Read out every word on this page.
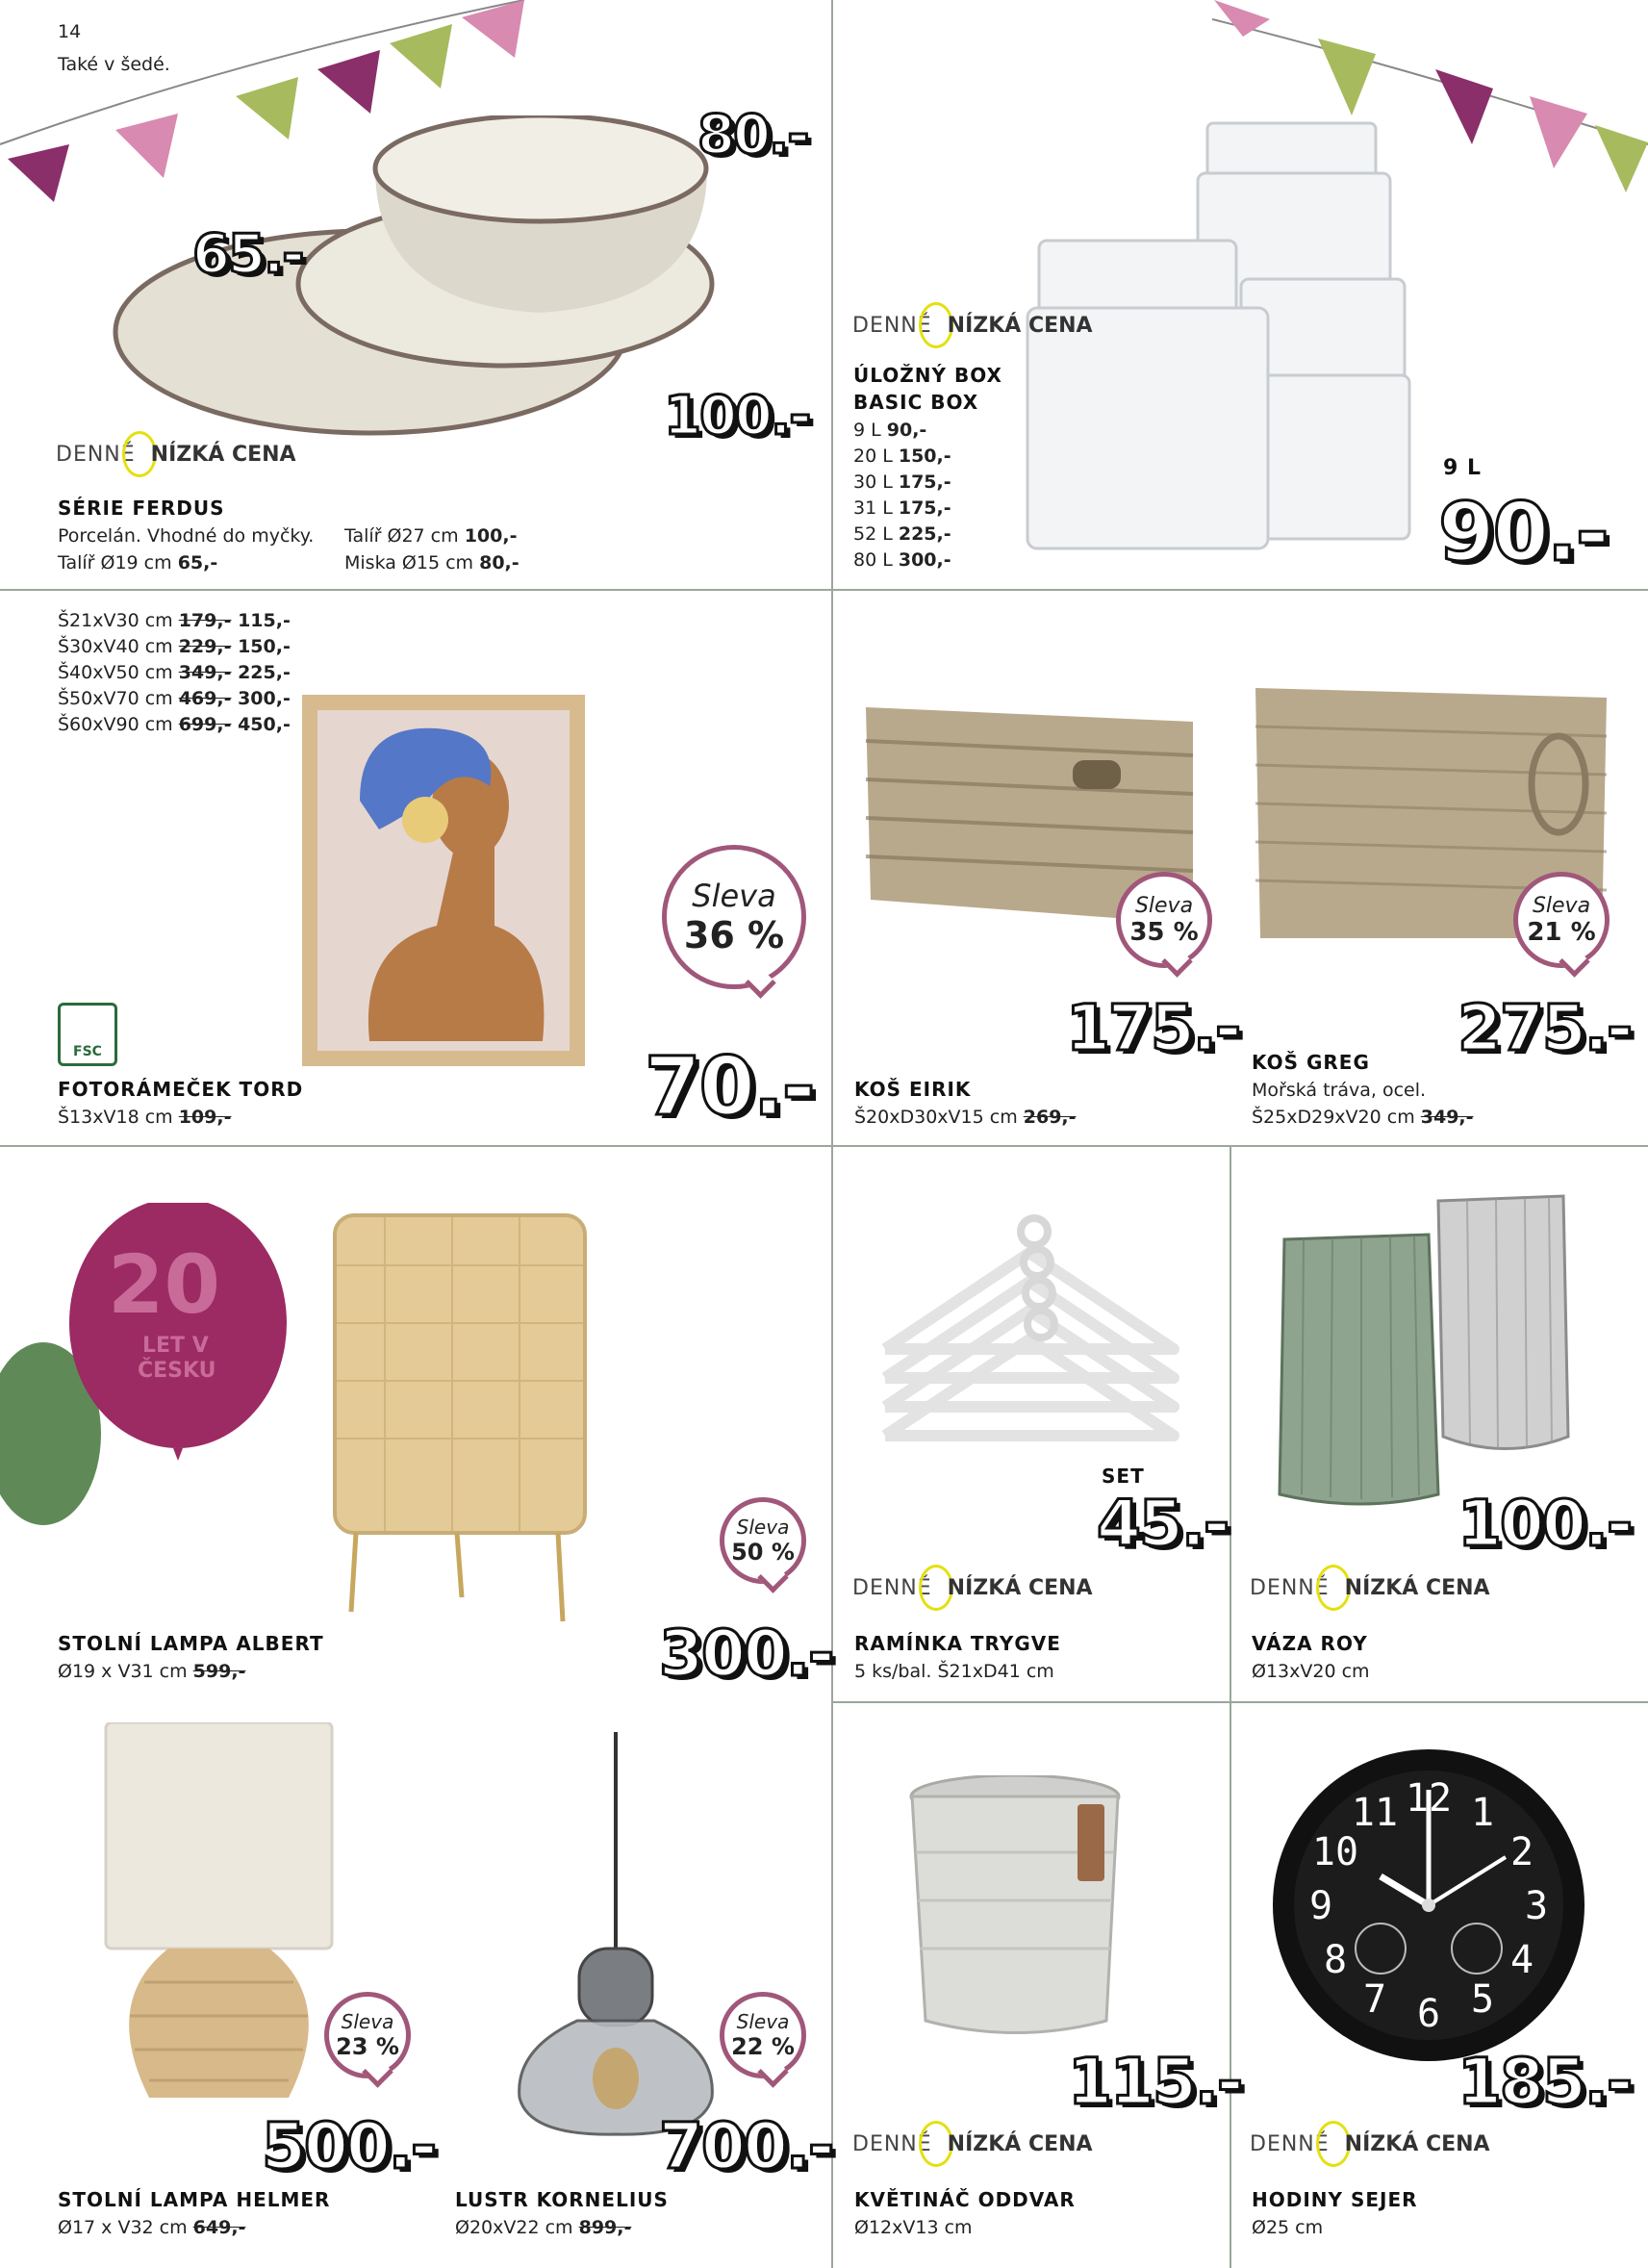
14
Také v šedé.
80.-
65.-
100.-
DENNĚ NÍZKÁ CENA
SÉRIE FERDUS
Porcelán. Vhodné do myčky.
Talíř Ø19 cm 65,-
Talíř Ø27 cm 100,-
Miska Ø15 cm 80,-
DENNĚ NÍZKÁ CENA
ÚLOŽNÝ BOX
BASIC BOX
9 L 90,-
20 L 150,-
30 L 175,-
31 L 175,-
52 L 225,-
80 L 300,-
9 L
90.-
Š21xV30 cm 179,- 115,-
Š30xV40 cm 229,- 150,-
Š40xV50 cm 349,- 225,-
Š50xV70 cm 469,- 300,-
Š60xV90 cm 699,- 450,-
FSC
Sleva
36 %
70.-
FOTORÁMEČEK TORD
Š13xV18 cm 109,-
Sleva
35 %
175.-
KOŠ EIRIK
Š20xD30xV15 cm 269,-
Sleva
21 %
275.-
KOŠ GREG
Mořská tráva, ocel.
Š25xD29xV20 cm 349,-
20
LET V
ČESKU
Sleva
50 %
300.-
STOLNÍ LAMPA ALBERT
Ø19 x V31 cm 599,-
SET
45.-
DENNĚ NÍZKÁ CENA
RAMÍNKA TRYGVE
5 ks/bal. Š21xD41 cm
100.-
DENNĚ NÍZKÁ CENA
VÁZA ROY
Ø13xV20 cm
Sleva
23 %
500.-
STOLNÍ LAMPA HELMER
Ø17 x V32 cm 649,-
Sleva
22 %
700.-
LUSTR KORNELIUS
Ø20xV22 cm 899,-
115.-
DENNĚ NÍZKÁ CENA
KVĚTINÁČ ODDVAR
Ø12xV13 cm
12 1
2
3
4
5
6
7
8
9
10
11
185.-
DENNĚ NÍZKÁ CENA
HODINY SEJER
Ø25 cm
